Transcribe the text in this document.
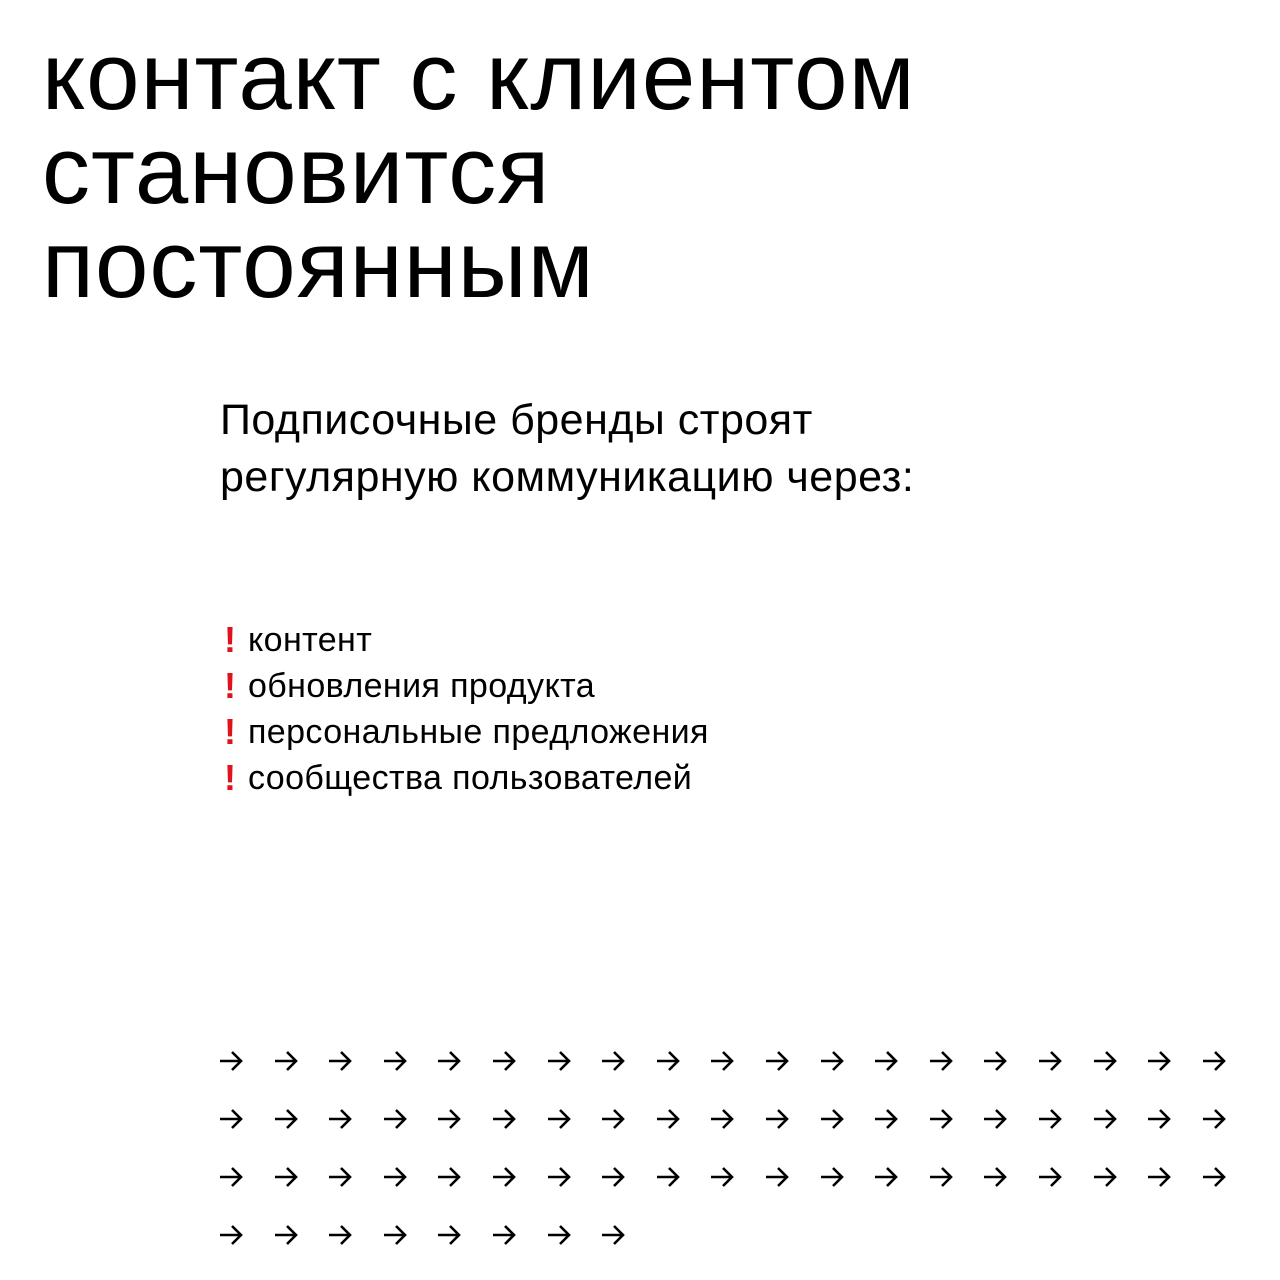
контакт с клиентом
становится
постоянным

Подписочные бренды строят
регулярную коммуникацию через:

! контент
! обновления продукта
! персональные предложения
! сообщества пользователей
